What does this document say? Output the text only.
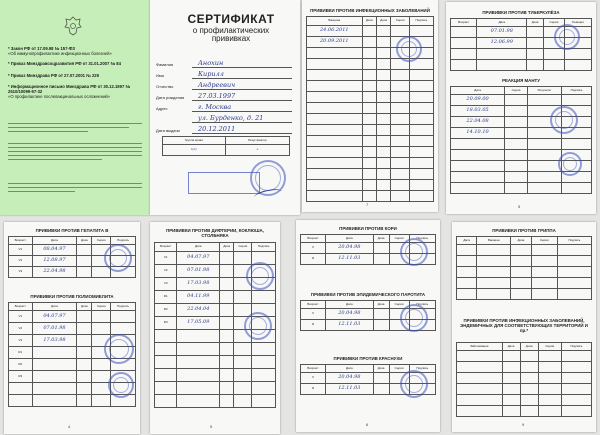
* Закон РФ от 17.09.98 № 157-ФЗ
«Об иммунопрофилактике инфекционных болезней»
* Приказ Минздравсоцразвития РФ от 31.01.2007 № 84
* Приказ Минздрава РФ от 27.07.2001 № 229
* Информационное письмо Минздрава РФ от 30.12.1997 № 2510/10099-97-32
«О профилактике послевакцинальных осложнений»
СЕРТИФИКАТ
о профилактических прививках
Фамилия	Анохин
Имя	Кирилл
Отчество	Андреевич
Дата рождения	27.03.1997
Адрес	г. Москва
ул. Бурденко, д. 21
Дата выдачи	20.12.2011
Группа крови	Резус фактор
I(0)	+
ПРИВИВКИ ПРОТИВ ИНФЕКЦИОННЫХ ЗАБОЛЕВАНИЙ
Вакцина	Дата	Доза	Серия	Подпись
24.06.2011				
20.09.2011				

7
ПРИВИВКИ ПРОТИВ ТУБЕРКУЛЁЗА
Возраст	Дата	Доза	Серия	Реакция
	07.01.98			
	12.06.99			

РЕАКЦИЯ МАНТУ
Дата	Серия	Результат	Подпись
20.09.00			
18.03.05			
22.04.08			
14.10.10			

5
ПРИВИВКИ ПРОТИВ ГЕПАТИТА В
Возраст	Дата	Доза	Серия	Подпись
V1	08.04.97			
V2	12.08.97			
V3	22.04.98			
ПРИВИВКИ ПРОТИВ ПОЛИОМИЕЛИТА
Возраст	Дата	Доза	Серия	Подпись
V1	04.07.97			
V2	07.01.98			
V3	17.03.98			
R1				
R2				
R3				

4
ПРИВИВКИ ПРОТИВ ДИФТЕРИИ, КОКЛЮША, СТОЛБНЯКА
Возраст	Дата	Доза	Серия	Подпись
V1	04.07.97			
V2	07.01.98			
V3	17.03.98			
R1	04.11.99			
R2	22.04.04			
R3	17.05.09			

5
ПРИВИВКИ ПРОТИВ КОРИ
Возраст	Дата	Доза	Серия	Подпись
V	20.04.98			
R	12.11.03			
ПРИВИВКИ ПРОТИВ ЭПИДЕМИЧЕСКОГО ПАРОТИТА
Возраст	Дата	Доза	Серия	Подпись
V	20.04.98			
R	12.11.03			
ПРИВИВКИ ПРОТИВ КРАСНУХИ
Возраст	Дата	Доза	Серия	Подпись
V	20.04.98			
R	12.11.03			
6
ПРИВИВКИ ПРОТИВ ГРИППА
Дата	Вакцина	Доза	Серия	Подпись

ПРИВИВКИ ПРОТИВ ИНФЕКЦИОННЫХ ЗАБОЛЕВАНИЙ, ЭНДЕМИЧНЫХ ДЛЯ СООТВЕТСТВУЮЩИХ ТЕРРИТОРИЙ И пр.*
Заболевание	Дата	Доза	Серия	Подпись

9
